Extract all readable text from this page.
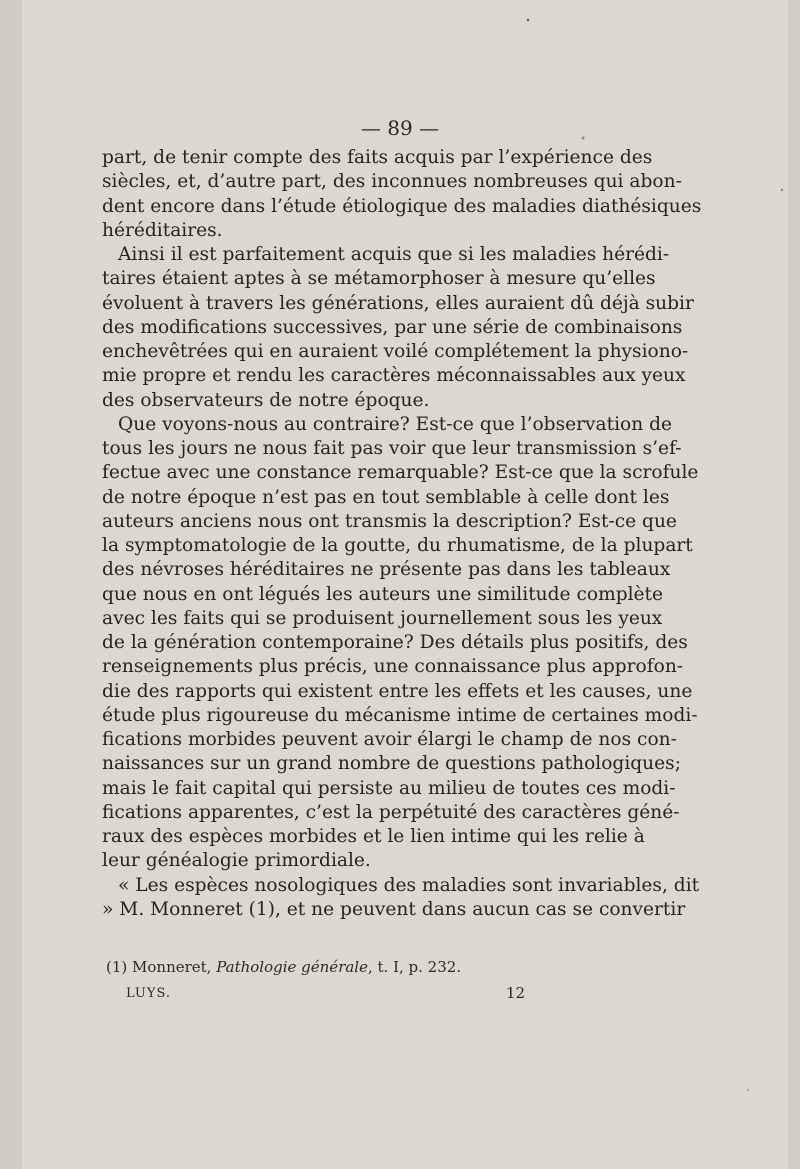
— 89 —
part, de tenir compte des faits acquis par l’expérience des
siècles, et, d’autre part, des inconnues nombreuses qui abon-
dent encore dans l’étude étiologique des maladies diathésiques
héréditaires.
Ainsi il est parfaitement acquis que si les maladies hérédi-
taires étaient aptes à se métamorphoser à mesure qu’elles
évoluent à travers les générations, elles auraient dû déjà subir
des modifications successives, par une série de combinaisons
enchevêtrées qui en auraient voilé complétement la physiono-
mie propre et rendu les caractères méconnaissables aux yeux
des observateurs de notre époque.
Que voyons-nous au contraire? Est-ce que l’observation de
tous les jours ne nous fait pas voir que leur transmission s’ef-
fectue avec une constance remarquable? Est-ce que la scrofule
de notre époque n’est pas en tout semblable à celle dont les
auteurs anciens nous ont transmis la description? Est-ce que
la symptomatologie de la goutte, du rhumatisme, de la plupart
des névroses héréditaires ne présente pas dans les tableaux
que nous en ont légués les auteurs une similitude complète
avec les faits qui se produisent journellement sous les yeux
de la génération contemporaine? Des détails plus positifs, des
renseignements plus précis, une connaissance plus approfon-
die des rapports qui existent entre les effets et les causes, une
étude plus rigoureuse du mécanisme intime de certaines modi-
fications morbides peuvent avoir élargi le champ de nos con-
naissances sur un grand nombre de questions pathologiques;
mais le fait capital qui persiste au milieu de toutes ces modi-
fications apparentes, c’est la perpétuité des caractères géné-
raux des espèces morbides et le lien intime qui les relie à
leur généalogie primordiale.
« Les espèces nosologiques des maladies sont invariables, dit
» M. Monneret (1), et ne peuvent dans aucun cas se convertir
(1) Monneret, Pathologie générale, t. I, p. 232.
LUYS.	12
